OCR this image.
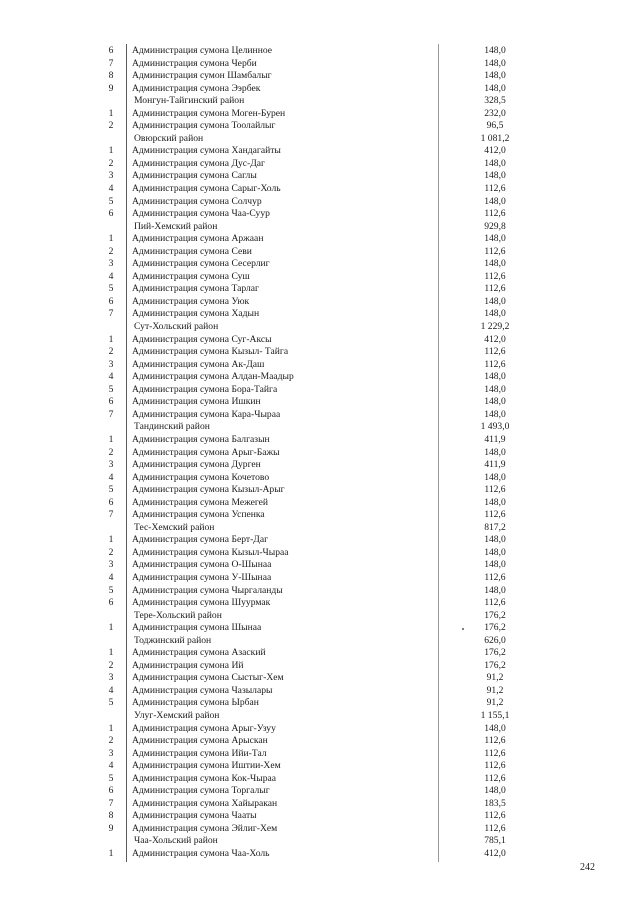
6	Администрация сумона Целинное	148,0
7	Администрация сумона Черби	148,0
8	Администрация сумон Шамбалыг	148,0
9	Администрация сумона Ээрбек	148,0
Монгун-Тайгинский район	328,5
1	Администрация сумона Моген-Бурен	232,0
2	Администрация сумона Тоолайлыг	96,5
Овюрский район	1 081,2
1	Администрация сумона Хандагайты	412,0
2	Администрация сумона Дус-Даг	148,0
3	Администрация сумона Саглы	148,0
4	Администрация сумона Сарыг-Холь	112,6
5	Администрация сумона Солчур	148,0
6	Администрация сумона Чаа-Суур	112,6
Пий-Хемский район	929,8
1	Администрация сумона Аржаан	148,0
2	Администрация сумона Севи	112,6
3	Администрация сумона Сесерлиг	148,0
4	Администрация сумона Суш	112,6
5	Администрация сумона Тарлаг	112,6
6	Администрация сумона Уюк	148,0
7	Администрация сумона Хадын	148,0
Сут-Хольский район	1 229,2
1	Администрация сумона Суг-Аксы	412,0
2	Администрация сумона Кызыл- Тайга	112,6
3	Администрация сумона Ак-Даш	112,6
4	Администрация сумона Алдан-Маадыр	148,0
5	Администрация сумона Бора-Тайга	148,0
6	Администрация сумона Ишкин	148,0
7	Администрация сумона Кара-Чыраа	148,0
Тандинский район	1 493,0
1	Администрация сумона Балгазын	411,9
2	Администрация сумона Арыг-Бажы	148,0
3	Администрация сумона Дурген	411,9
4	Администрация сумона Кочетово	148,0
5	Администрация сумона Кызыл-Арыг	112,6
6	Администрация сумона Межегей	148,0
7	Администрация сумона Успенка	112,6
Тес-Хемский район	817,2
1	Администрация сумона Берт-Даг	148,0
2	Администрация сумона Кызыл-Чыраа	148,0
3	Администрация сумона О-Шынаа	148,0
4	Администрация сумона У-Шынаа	112,6
5	Администрация сумона Чыргаланды	148,0
6	Администрация сумона Шуурмак	112,6
Тере-Хольский район	176,2
1	Администрация сумона Шынаа	176,2
Тоджинский район	626,0
1	Администрация сумона Азаский	176,2
2	Администрация сумона Ий	176,2
3	Администрация сумона Сыстыг-Хем	91,2
4	Администрация сумона Чазылары	91,2
5	Администрация сумона Ырбан	91,2
Улуг-Хемский район	1 155,1
1	Администрация сумона Арыг-Узуу	148,0
2	Администрация сумона Арыскан	112,6
3	Администрация сумона Ийи-Тал	112,6
4	Администрация сумона Иштии-Хем	112,6
5	Администрация сумона Кок-Чыраа	112,6
6	Администрация сумона Торгалыг	148,0
7	Администрация сумона Хайыракан	183,5
8	Администрация сумона Чааты	112,6
9	Администрация сумона Эйлиг-Хем	112,6
Чаа-Хольский район	785,1
1	Администрация сумона Чаа-Холь	412,0
242
